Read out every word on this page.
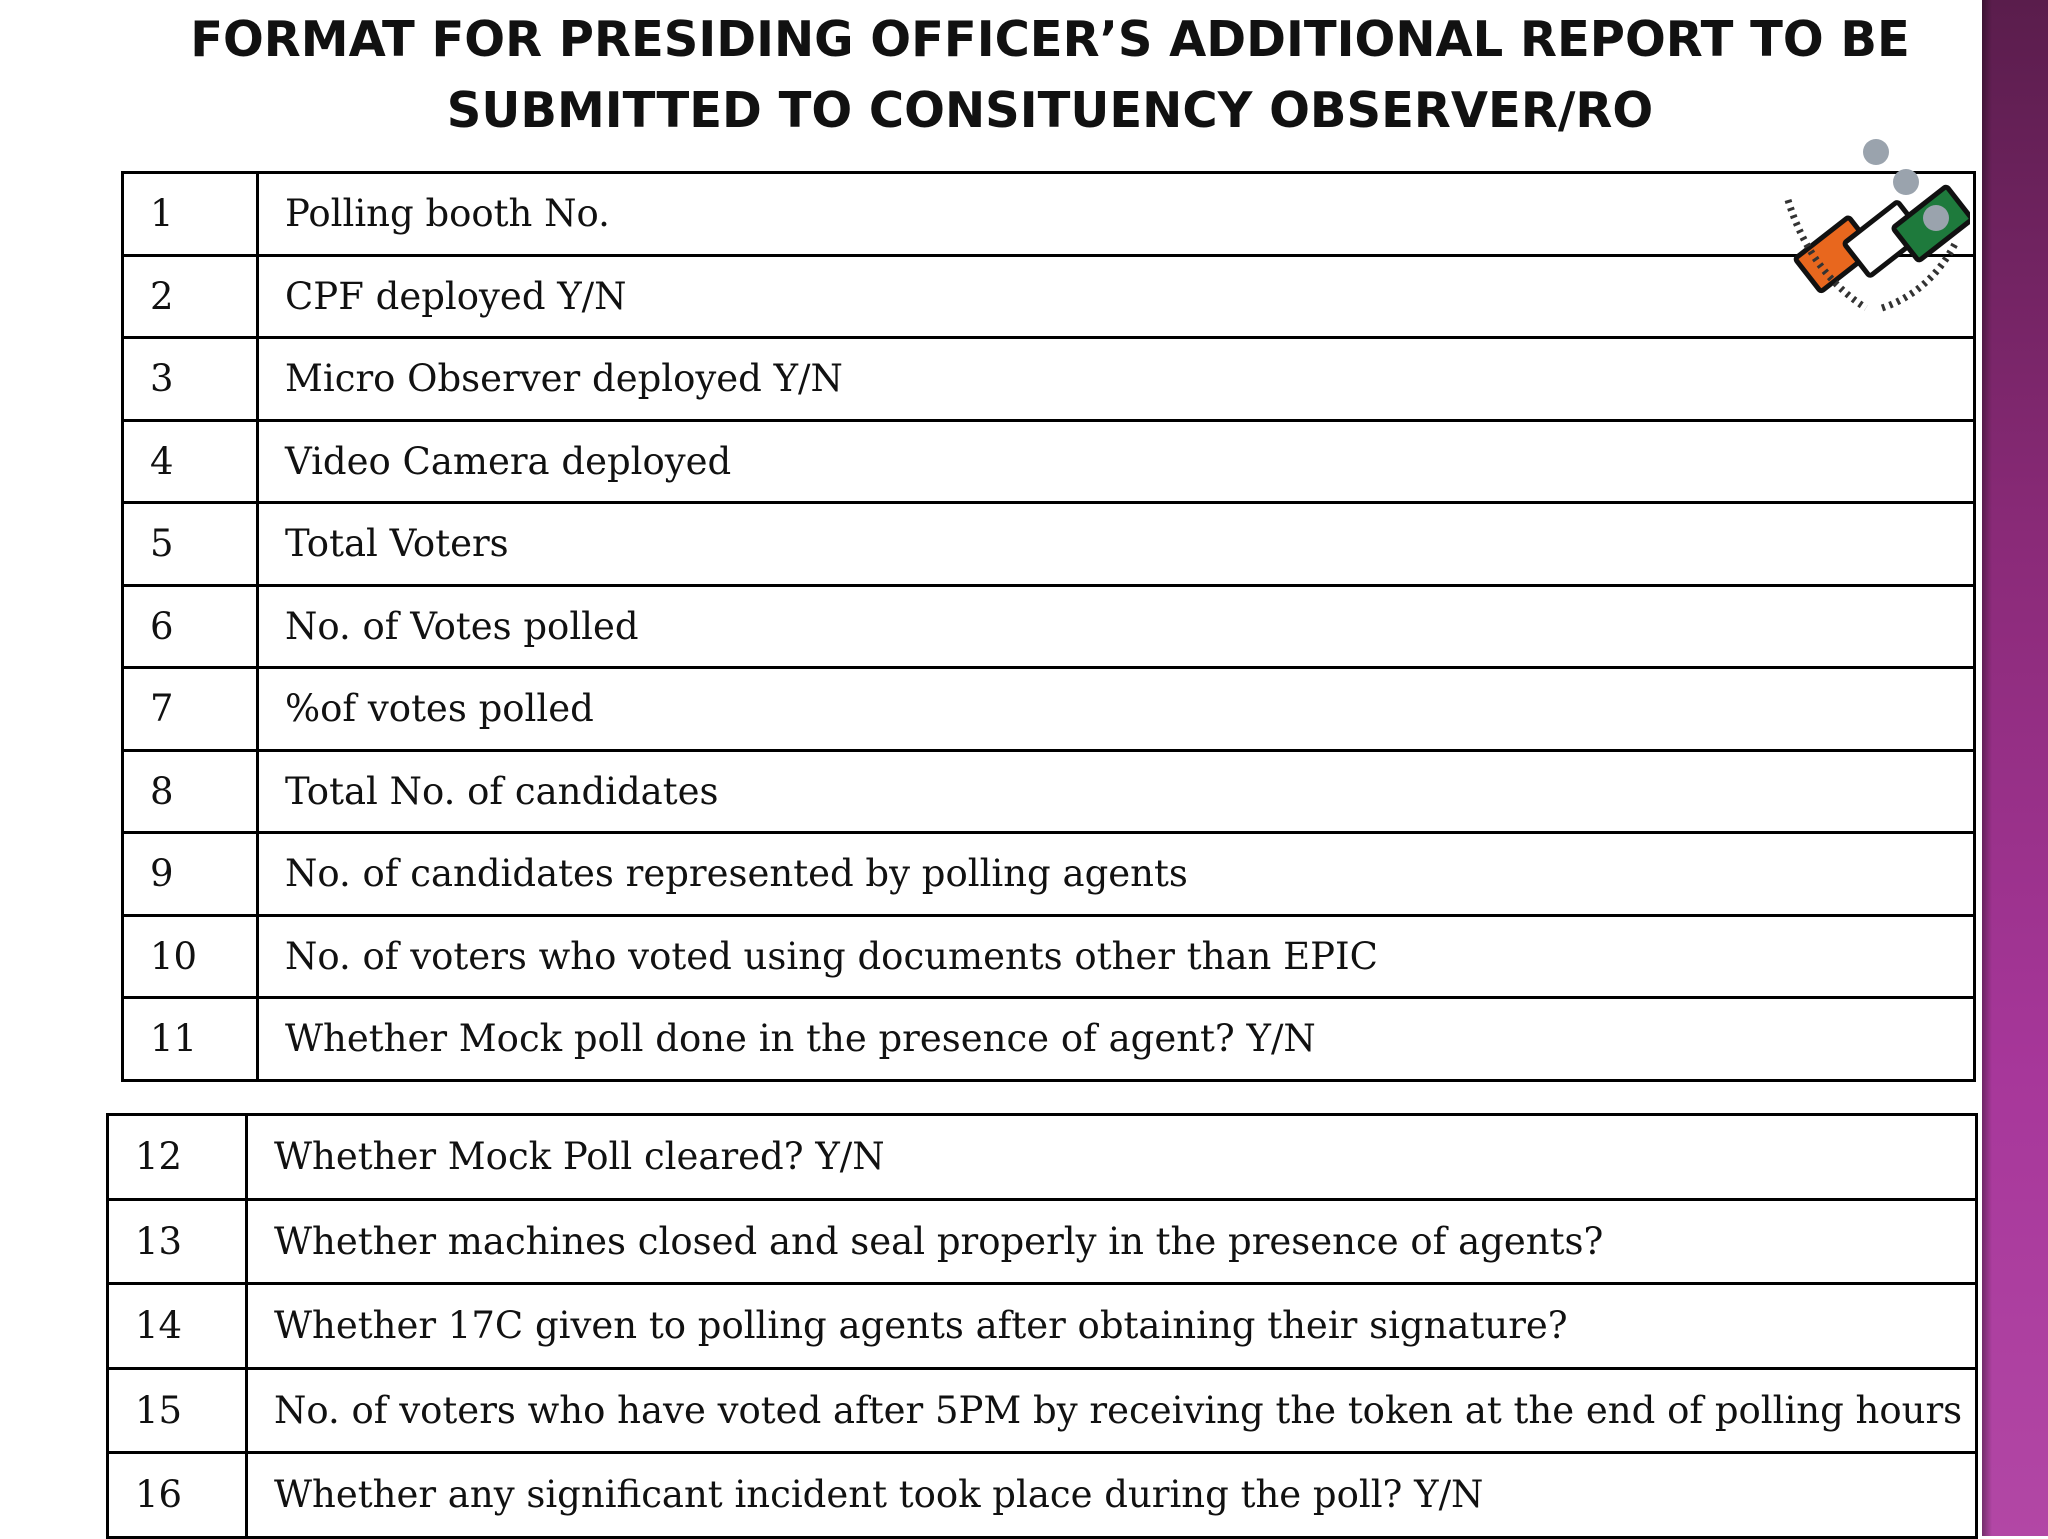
FORMAT FOR PRESIDING OFFICER’S ADDITIONAL REPORT TO BE
SUBMITTED TO CONSITUENCY OBSERVER/RO
1	Polling booth No.
2	CPF deployed Y/N
3	Micro Observer deployed Y/N
4	Video Camera deployed
5	Total Voters
6	No. of Votes polled
7	%of votes polled
8	Total No. of candidates
9	No. of candidates represented by polling agents
10	No. of voters who voted using documents other than EPIC
11	Whether Mock poll done in the presence of agent? Y/N
12	Whether Mock Poll cleared? Y/N
13	Whether machines closed and seal properly in the presence of agents?
14	Whether 17C given to polling agents after obtaining their signature?
15	No. of voters who have voted after 5PM by receiving the token at the end of polling hours
16	Whether any significant incident took place during the poll? Y/N
